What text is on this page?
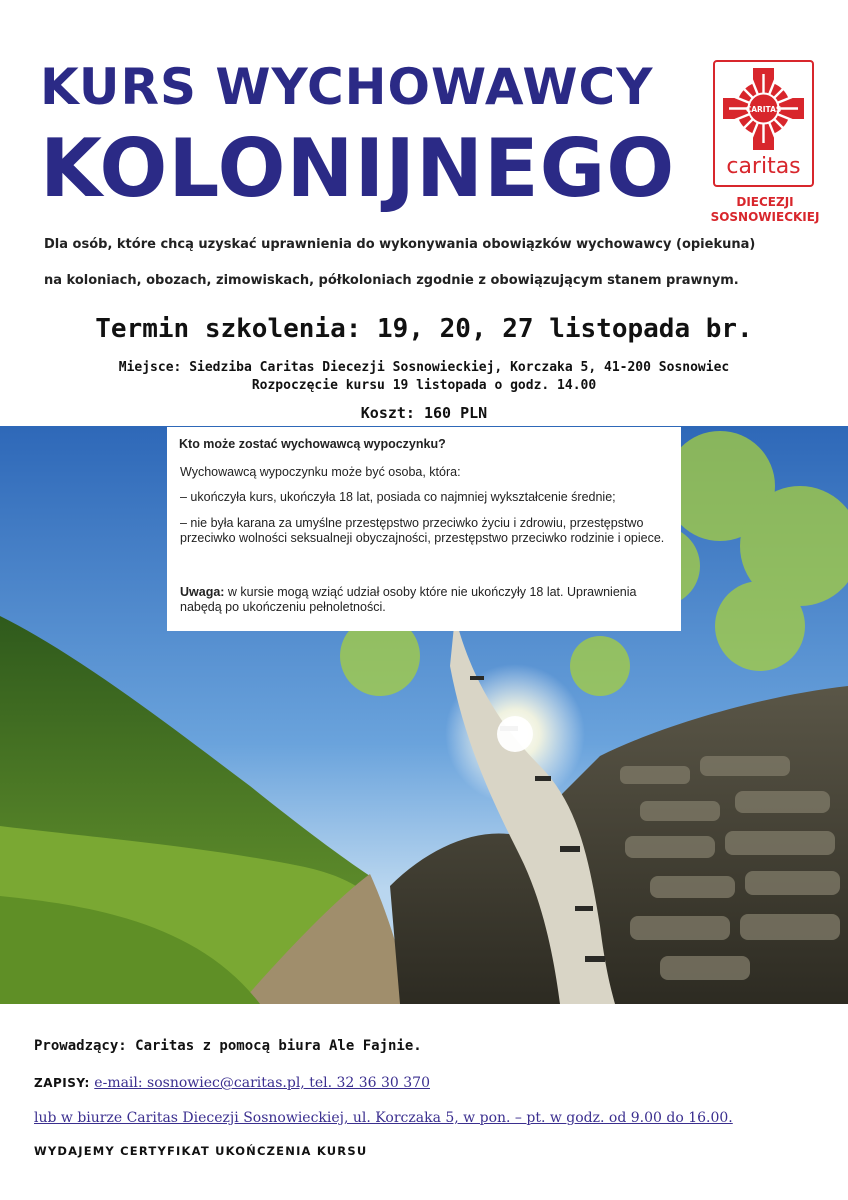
KURS WYCHOWAWCY
KOLONIJNEGO
CARITAS
caritas
DIECEZJI
SOSNOWIECKIEJ
Dla osób, które chcą uzyskać uprawnienia do wykonywania obowiązków wychowawcy (opiekuna)
na koloniach, obozach, zimowiskach, półkoloniach zgodnie z obowiązującym stanem prawnym.
Termin szkolenia: 19, 20, 27 listopada br.
Miejsce: Siedziba Caritas Diecezji Sosnowieckiej, Korczaka 5, 41-200 Sosnowiec
Rozpoczęcie kursu 19 listopada o godz. 14.00
Koszt: 160 PLN
Kto może zostać wychowawcą wypoczynku?
Wychowawcą wypoczynku może być osoba, która:
– ukończyła kurs, ukończyła 18 lat, posiada co najmniej wykształcenie średnie;
– nie była karana za umyślne przestępstwo przeciwko życiu i zdrowiu, przestępstwo przeciwko wolności seksualneji obyczajności, przestępstwo przeciwko rodzinie i opiece.
Uwaga: w kursie mogą wziąć udział osoby które nie ukończyły 18 lat. Uprawnienia nabędą po ukończeniu pełnoletności.
Prowadzący: Caritas z pomocą biura Ale Fajnie.
ZAPISY: e-mail: sosnowiec@caritas.pl, tel. 32 36 30 370
lub w biurze Caritas Diecezji Sosnowieckiej, ul. Korczaka 5, w pon. – pt. w godz. od 9.00 do 16.00.
WYDAJEMY CERTYFIKAT UKOŃCZENIA KURSU
